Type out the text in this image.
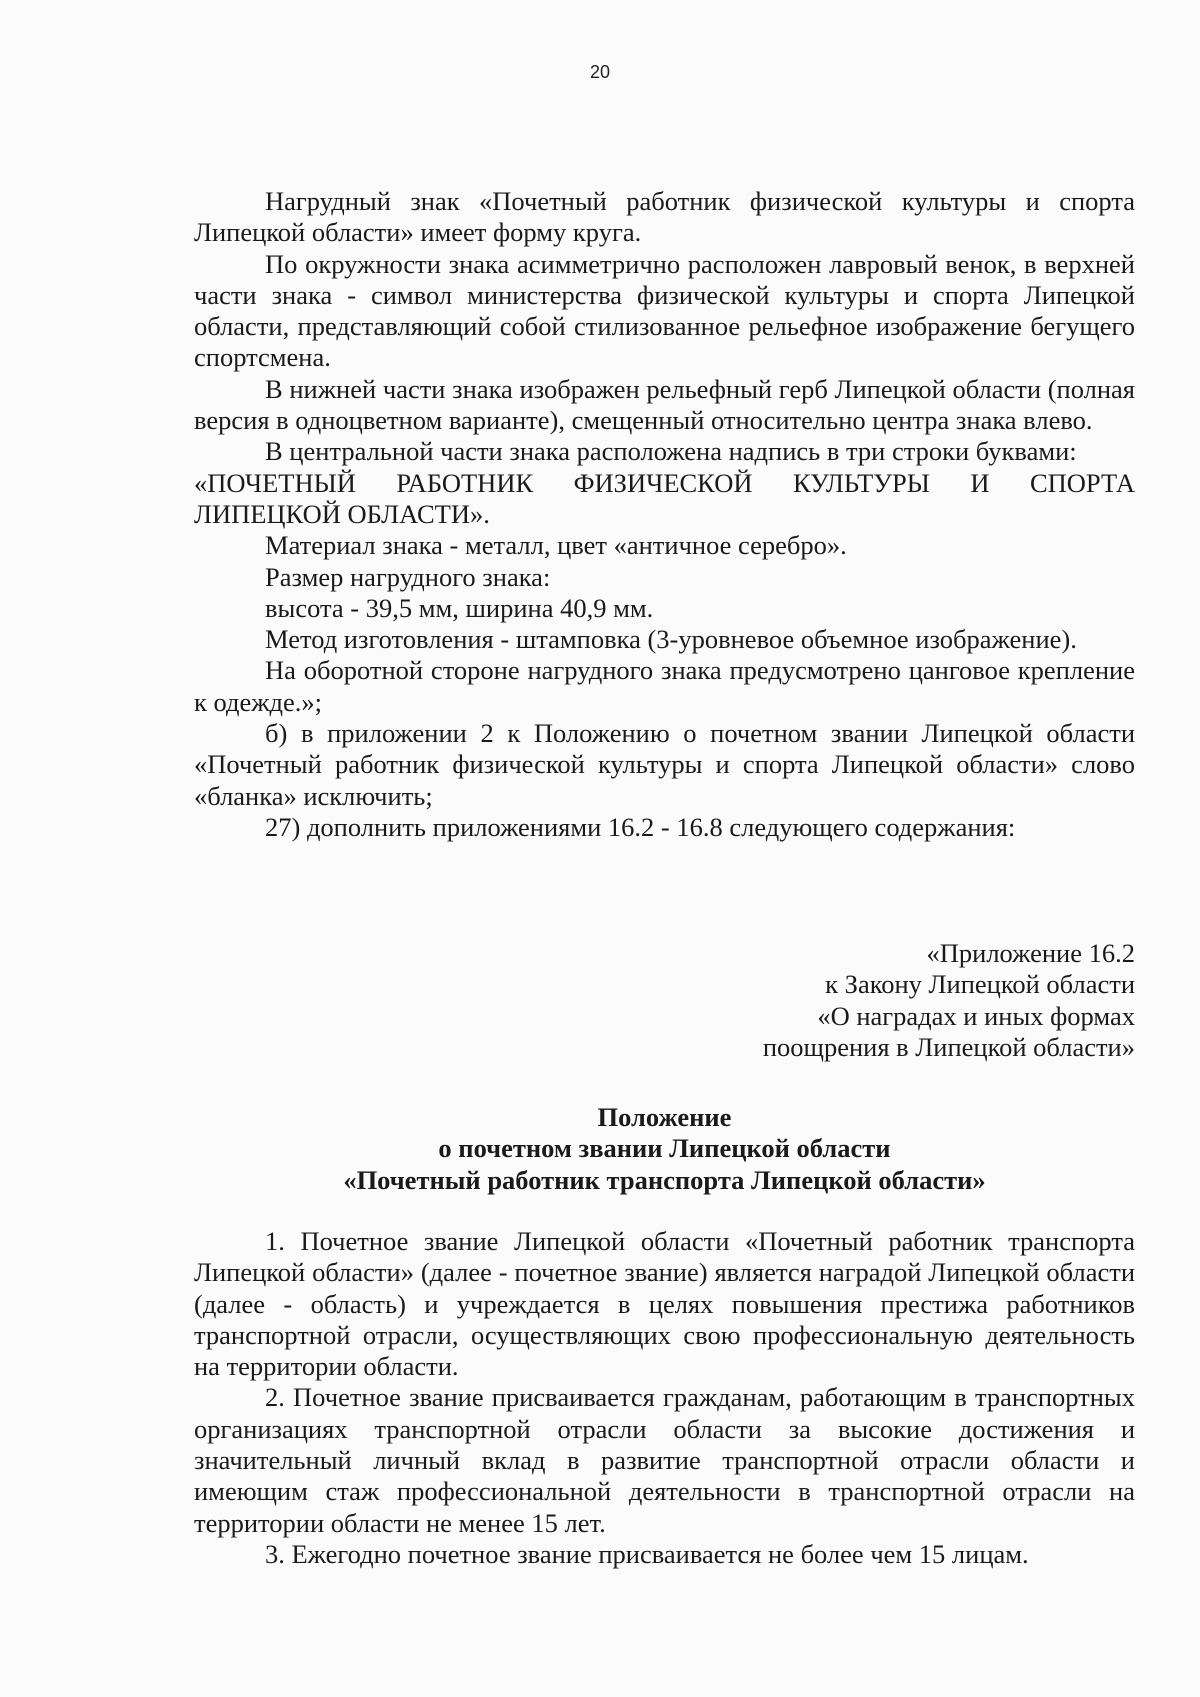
20

Нагрудный знак «Почетный работник физической культуры и спорта Липецкой области» имеет форму круга.

По окружности знака асимметрично расположен лавровый венок, в верхней части знака - символ министерства физической культуры и спорта Липецкой области, представляющий собой стилизованное рельефное изображение бегущего спортсмена.

В нижней части знака изображен рельефный герб Липецкой области (полная версия в одноцветном варианте), смещенный относительно центра знака влево.

В центральной части знака расположена надпись в три строки буквами:

«ПОЧЕТНЫЙ РАБОТНИК ФИЗИЧЕСКОЙ КУЛЬТУРЫ И СПОРТА

ЛИПЕЦКОЙ ОБЛАСТИ».

Материал знака - металл, цвет «античное серебро».

Размер нагрудного знака:

высота - 39,5 мм, ширина 40,9 мм.

Метод изготовления - штамповка (3-уровневое объемное изображение).

На оборотной стороне нагрудного знака предусмотрено цанговое крепление к одежде.»;

б) в приложении 2 к Положению о почетном звании Липецкой области «Почетный работник физической культуры и спорта Липецкой области» слово «бланка» исключить;

27) дополнить приложениями 16.2 - 16.8 следующего содержания:

«Приложение 16.2
к Закону Липецкой области
«О наградах и иных формах
поощрения в Липецкой области»
Положение
о почетном звании Липецкой области
«Почетный работник транспорта Липецкой области»

1. Почетное звание Липецкой области «Почетный работник транспорта Липецкой области» (далее - почетное звание) является наградой Липецкой области (далее - область) и учреждается в целях повышения престижа работников транспортной отрасли, осуществляющих свою профессиональную деятельность на территории области.

2. Почетное звание присваивается гражданам, работающим в транспортных организациях транспортной отрасли области за высокие достижения и значительный личный вклад в развитие транспортной отрасли области и имеющим стаж профессиональной деятельности в транспортной отрасли на территории области не менее 15 лет.

3. Ежегодно почетное звание присваивается не более чем 15 лицам.
